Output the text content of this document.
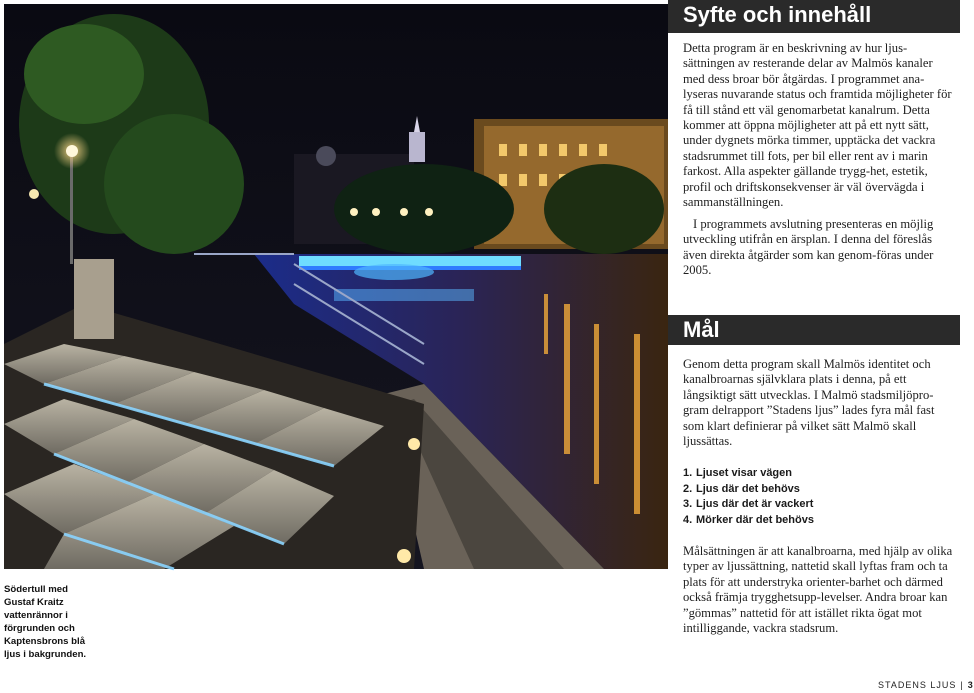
Södertull med Gustaf Kraitz vattenrännor i förgrunden och Kaptensbrons blå ljus i bakgrunden.
Syfte och innehåll

Detta program är en beskrivning av hur ljus-sättningen av resterande delar av Malmös kanaler med dess broar bör åtgärdas. I programmet ana-lyseras nuvarande status och framtida möjligheter för få till stånd ett väl genomarbetat kanalrum. Detta kommer att öppna möjligheter att på ett nytt sätt, under dygnets mörka timmer, upptäcka det vackra stadsrummet till fots, per bil eller rent av i marin farkost. Alla aspekter gällande trygg-het, estetik, profil och driftskonsekvenser är väl övervägda i sammanställningen.

I programmets avslutning presenteras en möjlig utveckling utifrån en ärsplan. I denna del föreslås även direkta åtgärder som kan genom-föras under 2005.

Mål

Genom detta program skall Malmös identitet och kanalbroarnas självklara plats i denna, på ett långsiktigt sätt utvecklas. I Malmö stadsmiljöpro-gram delrapport ”Stadens ljus” lades fyra mål fast som klart definierar på vilket sätt Malmö skall ljussättas.

1. Ljuset visar vägen
2. Ljus där det behövs
3. Ljus där det är vackert
4. Mörker där det behövs

Målsättningen är att kanalbroarna, med hjälp av olika typer av ljussättning, nattetid skall lyftas fram och ta plats för att understryka orienter-barhet och därmed också främja trygghetsupp-levelser. Andra broar kan ”gömmas” nattetid för att istället rikta ögat mot intilliggande, vackra stadsrum.

STADENS LJUS | 3
